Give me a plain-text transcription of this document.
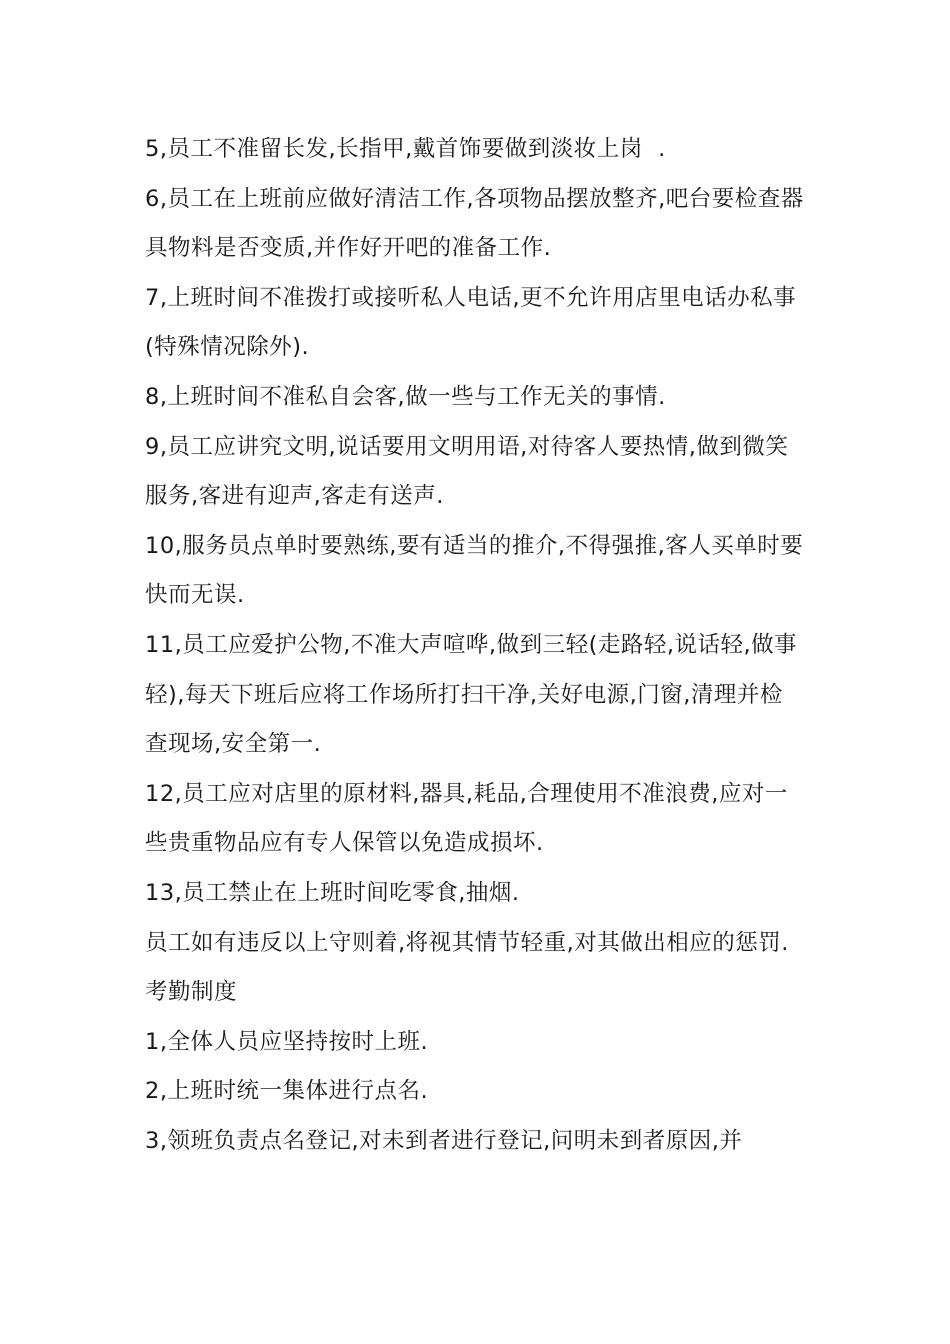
5,员工不准留长发,长指甲,戴首饰要做到淡妆上岗  .

6,员工在上班前应做好清洁工作,各项物品摆放整齐,吧台要检查器具物料是否变质,并作好开吧的准备工作.

7,上班时间不准拨打或接听私人电话,更不允许用店里电话办私事(特殊情况除外).

8,上班时间不准私自会客,做一些与工作无关的事情.

9,员工应讲究文明,说话要用文明用语,对待客人要热情,做到微笑服务,客进有迎声,客走有送声.

10,服务员点单时要熟练,要有适当的推介,不得强推,客人买单时要快而无误.

11,员工应爱护公物,不准大声喧哗,做到三轻(走路轻,说话轻,做事轻),每天下班后应将工作场所打扫干净,关好电源,门窗,清理并检查现场,安全第一.

12,员工应对店里的原材料,器具,耗品,合理使用不准浪费,应对一些贵重物品应有专人保管以免造成损坏.

13,员工禁止在上班时间吃零食,抽烟.

员工如有违反以上守则着,将视其情节轻重,对其做出相应的惩罚.

考勤制度

1,全体人员应坚持按时上班.

2,上班时统一集体进行点名.

3,领班负责点名登记,对未到者进行登记,问明未到者原因,并
